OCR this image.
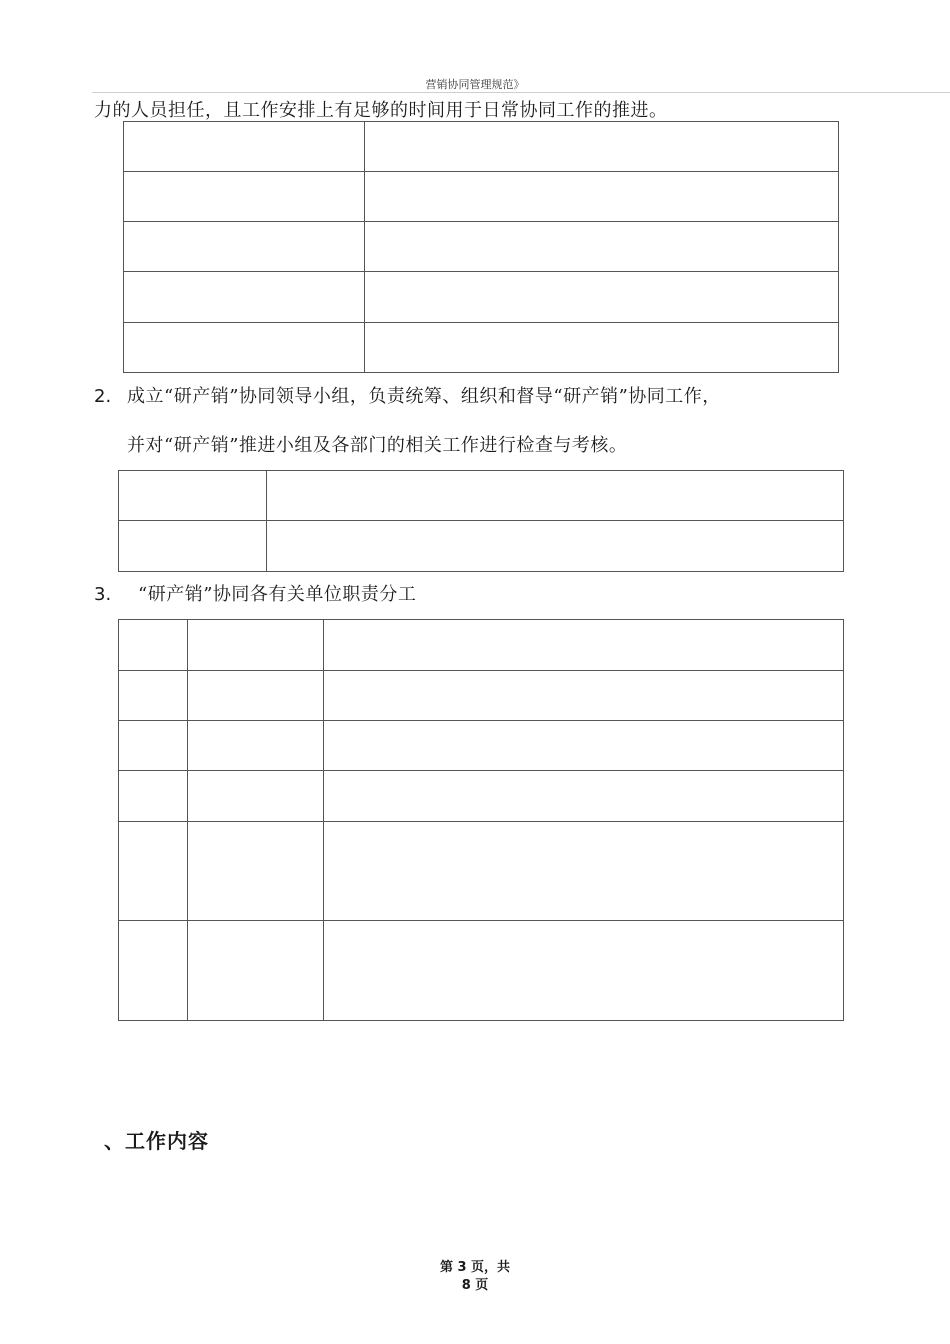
营销协同管理规范》
力的人员担任，且工作安排上有足够的时间用于日常协同工作的推进。

2. 成立“研产销”协同领导小组，负责统筹、组织和督导“研产销”协同工作，
并对“研产销”推进小组及各部门的相关工作进行检查与考核。

3. “研产销”协同各有关单位职责分工

、工作内容
第 3 页，共
8 页
